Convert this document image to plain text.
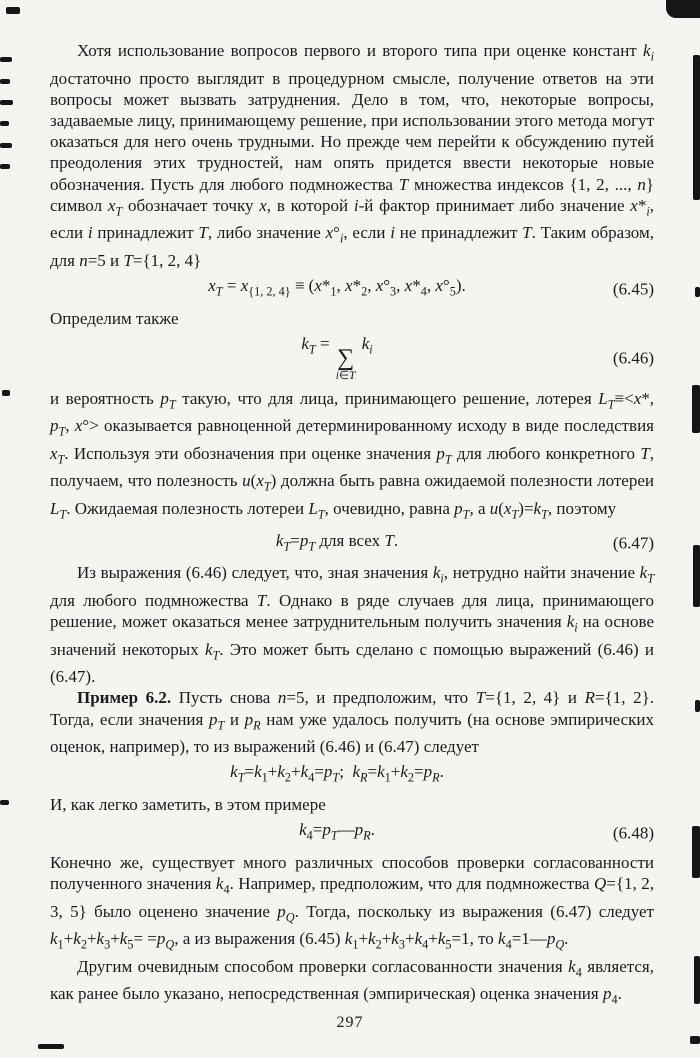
Хотя использование вопросов первого и второго типа при оценке констант $k_i$ достаточно просто выглядит в процедурном смысле, получение ответов на эти вопросы может вызвать затруднения. Дело в том, что, некоторые вопросы, задаваемые лицу, принимающему решение, при использовании этого метода могут оказаться для него очень трудными. Но прежде чем перейти к обсуждению путей преодоления этих трудностей, нам опять придется ввести некоторые новые обозначения. Пусть для любого подмножества T множества индексов {1, 2, ..., n} символ $x_T$ обозначает точку x, в которой i-й фактор принимает либо значение $x*_i$, если i принадлежит T, либо значение $x^\circ_i$, если i не принадлежит T. Таким образом, для n=5 и T={1, 2, 4}

$x_T = x_{\{1, 2, 4\}} \equiv (x*_1$, $x*_2$, $x^\circ_3$, $x*_4$, $x^\circ_5$).	(6.45)

Определим также

$k_T$ =
∑
i∈T
$k_i$	(6.46)

и вероятность $p_T$ такую, что для лица, принимающего решение, лотерея $L_T\equiv<x*$, $p_T$, x°> оказывается равноценной детерминированному исходу в виде последствия $x_T$. Используя эти обозначения при оценке значения $p_T$ для любого конкретного T, получаем, что полезность $u(x_T)$ должна быть равна ожидаемой полезности лотереи $L_T$. Ожидаемая полезность лотереи $L_T$, очевидно, равна $p_T$, а $u(x_T)=k_T$, поэтому

$k_T=p_T$ для всех T.	(6.47)

Из выражения (6.46) следует, что, зная значения $k_i$, нетрудно найти значение $k_T$ для любого подмножества T. Однако в ряде случаев для лица, принимающего решение, может оказаться менее затруднительным получить значения $k_i$ на основе значений некоторых $k_T$. Это может быть сделано с помощью выражений (6.46) и (6.47).

Пример 6.2. Пусть снова n=5, и предположим, что T={1, 2, 4} и R={1, 2}. Тогда, если значения $p_T$ и $p_R$ нам уже удалось получить (на основе эмпирических оценок, например), то из выражений (6.46) и (6.47) следует

$k_T=k_1+k_2+k_4=p_T$;  $k_R=k_1+k_2=p_R$.

И, как легко заметить, в этом примере

$k_4=p_T—p_R$.	(6.48)

Конечно же, существует много различных способов проверки согласованности полученного значения $k_4$. Например, предположим, что для подмножества Q={1, 2, 3, 5} было оценено значение $p_Q$. Тогда, поскольку из выражения (6.47) следует $k_1+k_2+k_3+k_5= =p_Q$, а из выражения (6.45) $k_1+k_2+k_3+k_4+k_5=1$, то $k_4=1—p_Q$.

Другим очевидным способом проверки согласованности значения $k_4$ является, как ранее было указано, непосредственная (эмпирическая) оценка значения $p_4$.

297
